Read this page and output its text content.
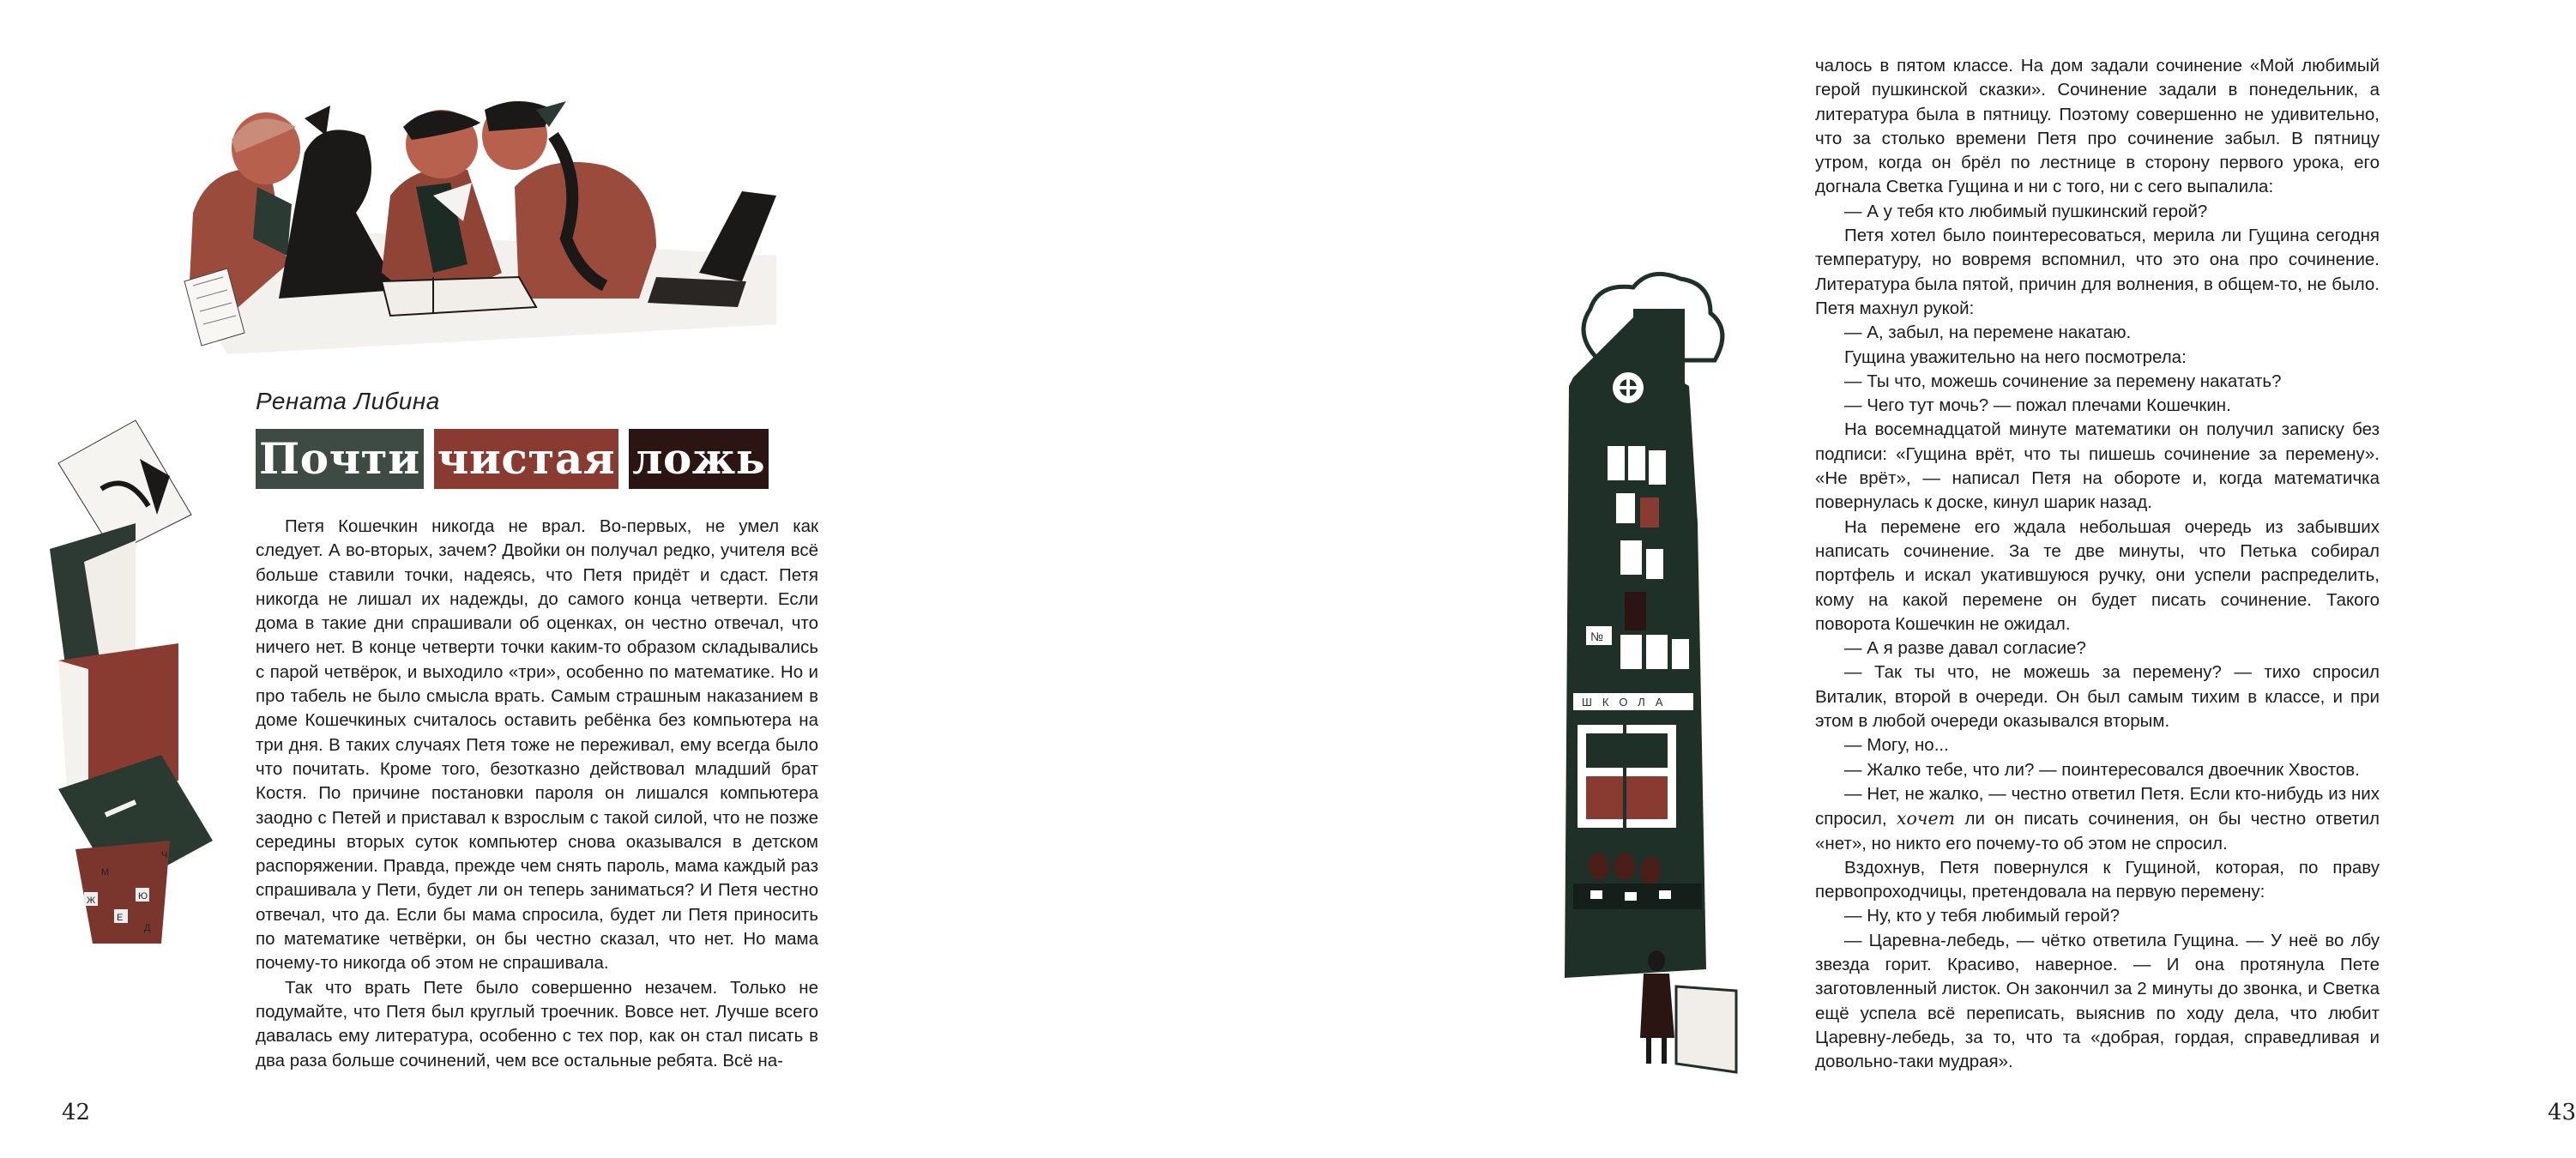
Ж
Е
Ю
Ч
М
Д
Рената Либина
Почти чистая ложь

Петя Кошечкин никогда не врал. Во-первых, не умел как следует. А во-вторых, зачем? Двойки он получал редко, учителя всё больше ставили точки, надеясь, что Петя придёт и сдаст. Петя никогда не лишал их надежды, до самого конца четверти. Если дома в такие дни спрашивали об оценках, он честно отвечал, что ничего нет. В конце четверти точки каким-то образом складывались с парой четвёрок, и выходило «три», особенно по математике. Но и про табель не было смысла врать. Самым страшным наказанием в доме Кошечкиных считалось оставить ребёнка без компьютера на три дня. В таких случаях Петя тоже не переживал, ему всегда было что почитать. Кроме того, безотказно действовал младший брат Костя. По причине постановки пароля он лишался компьютера заодно с Петей и приставал к взрослым с такой силой, что не позже середины вторых суток компьютер снова оказывался в детском распоряжении. Правда, прежде чем снять пароль, мама каждый раз спрашивала у Пети, будет ли он теперь заниматься? И Петя честно отвечал, что да. Если бы мама спросила, будет ли Петя приносить по математике четвёрки, он бы честно сказал, что нет. Но мама почему-то никогда об этом не спрашивала.

Так что врать Пете было совершенно незачем. Только не подумайте, что Петя был круглый троечник. Вовсе нет. Лучше всего давалась ему литература, особенно с тех пор, как он стал писать в два раза больше сочинений, чем все остальные ребята. Всё на-

42

чалось в пятом классе. На дом задали сочинение «Мой любимый герой пушкинской сказки». Сочинение задали в понедельник, а литература была в пятницу. Поэтому совершенно не удивительно, что за столько времени Петя про сочинение забыл. В пятницу утром, когда он брёл по лестнице в сторону первого урока, его догнала Светка Гущина и ни с того, ни с сего выпалила:

— А у тебя кто любимый пушкинский герой?

Петя хотел было поинтересоваться, мерила ли Гущина сегодня температуру, но вовремя вспомнил, что это она про сочинение. Литература была пятой, причин для волнения, в общем-то, не было. Петя махнул рукой:

— А, забыл, на перемене накатаю.

Гущина уважительно на него посмотрела:

— Ты что, можешь сочинение за перемену накатать?

— Чего тут мочь? — пожал плечами Кошечкин.

На восемнадцатой минуте математики он получил записку без подписи: «Гущина врёт, что ты пишешь сочинение за перемену». «Не врёт», — написал Петя на обороте и, когда математичка повернулась к доске, кинул шарик назад.

На перемене его ждала небольшая очередь из забывших написать сочинение. За те две минуты, что Петька собирал портфель и искал укатившуюся ручку, они успели распределить, кому на какой перемене он будет писать сочинение. Такого поворота Кошечкин не ожидал.

— А я разве давал согласие?

— Так ты что, не можешь за перемену? — тихо спросил Виталик, второй в очереди. Он был самым тихим в классе, и при этом в любой очереди оказывался вторым.

— Могу, но...

— Жалко тебе, что ли? — поинтересовался двоечник Хвостов.

— Нет, не жалко, — честно ответил Петя. Если кто-нибудь из них спросил, хочет ли он писать сочинения, он бы честно ответил «нет», но никто его почему-то об этом не спросил.

Вздохнув, Петя повернулся к Гущиной, которая, по праву первопроходчицы, претендовала на первую перемену:

— Ну, кто у тебя любимый герой?

— Царевна-лебедь, — чётко ответила Гущина. — У неё во лбу звезда горит. Красиво, наверное. — И она протянула Пете заготовленный листок. Он закончил за 2 минуты до звонка, и Светка ещё успела всё переписать, выяснив по ходу дела, что любит Царевну-лебедь, за то, что та «добрая, гордая, справедливая и довольно-таки мудрая».

№
ШКОЛА
43
